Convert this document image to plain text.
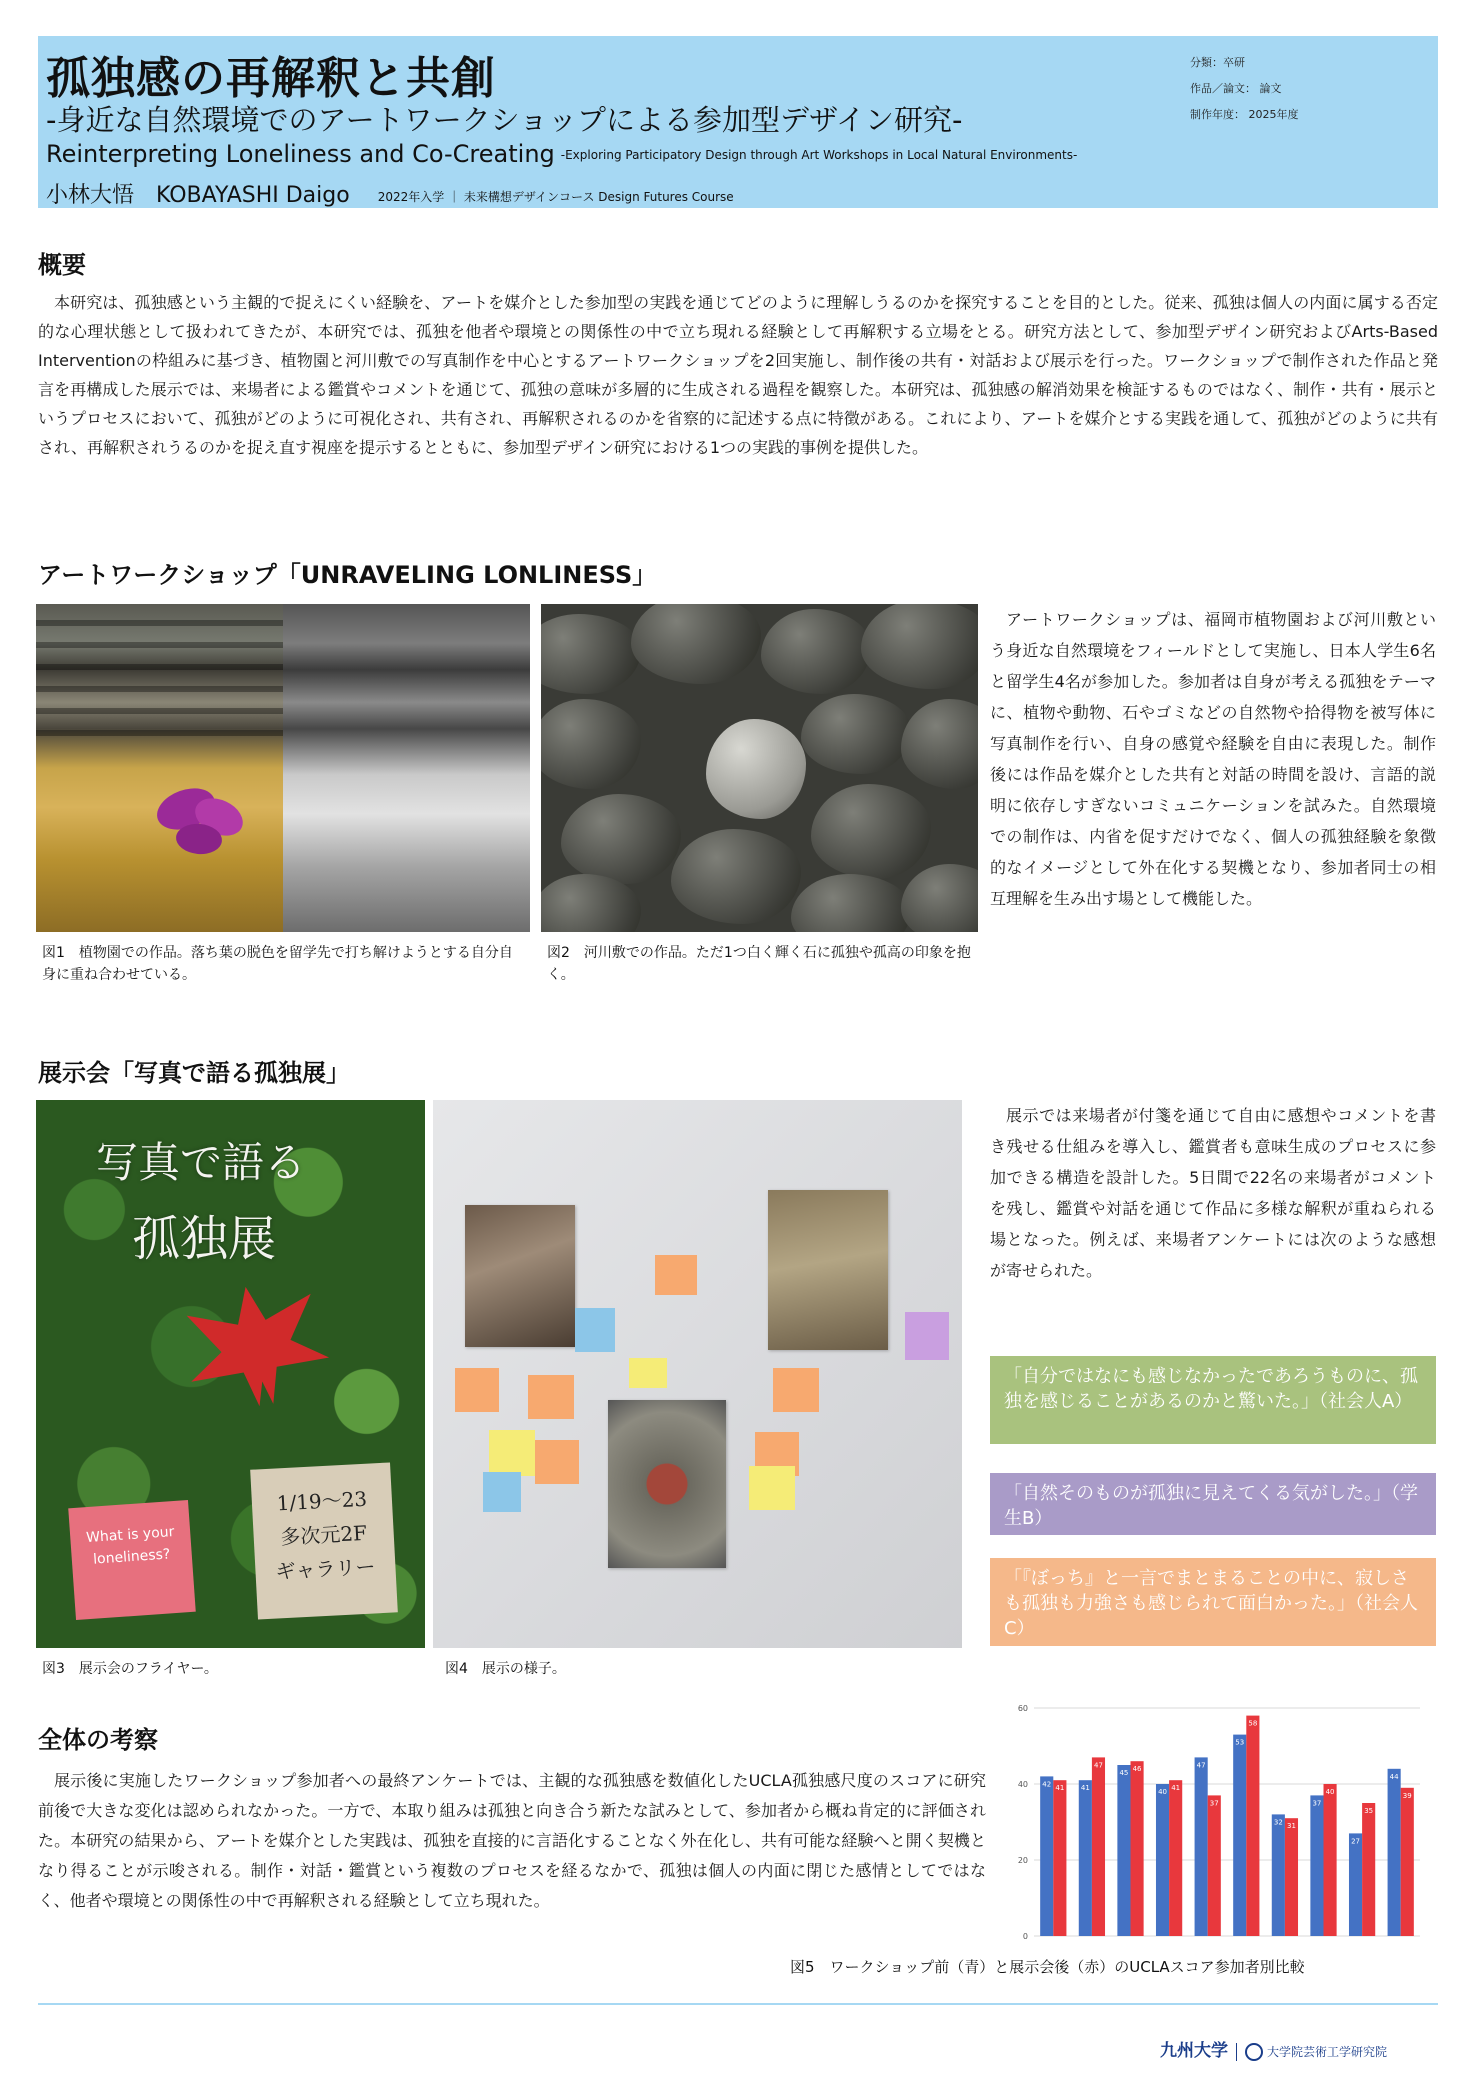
孤独感の再解釈と共創
-身近な自然環境でのアートワークショップによる参加型デザイン研究-
Reinterpreting Loneliness and Co-Creating -Exploring Participatory Design through Art Workshops in Local Natural Environments-
小林大悟　KOBAYASHI Daigo 2022年入学 ｜ 未来構想デザインコース Design Futures Course
分類：卒研
作品／論文： 論文
制作年度： 2025年度
概要
本研究は、孤独感という主観的で捉えにくい経験を、アートを媒介とした参加型の実践を通じてどのように理解しうるのかを探究することを目的とした。従来、孤独は個人の内面に属する否定的な心理状態として扱われてきたが、本研究では、孤独を他者や環境との関係性の中で立ち現れる経験として再解釈する立場をとる。研究方法として、参加型デザイン研究およびArts-Based Interventionの枠組みに基づき、植物園と河川敷での写真制作を中心とするアートワークショップを2回実施し、制作後の共有・対話および展示を行った。ワークショップで制作された作品と発言を再構成した展示では、来場者による鑑賞やコメントを通じて、孤独の意味が多層的に生成される過程を観察した。本研究は、孤独感の解消効果を検証するものではなく、制作・共有・展示というプロセスにおいて、孤独がどのように可視化され、共有され、再解釈されるのかを省察的に記述する点に特徴がある。これにより、アートを媒介とする実践を通して、孤独がどのように共有され、再解釈されうるのかを捉え直す視座を提示するとともに、参加型デザイン研究における1つの実践的事例を提供した。
アートワークショップ「UNRAVELING LONLINESS」
図1　植物園での作品。落ち葉の脱色を留学先で打ち解けようとする自分自身に重ね合わせている。
図2　河川敷での作品。ただ1つ白く輝く石に孤独や孤高の印象を抱く。
アートワークショップは、福岡市植物園および河川敷という身近な自然環境をフィールドとして実施し、日本人学生6名と留学生4名が参加した。参加者は自身が考える孤独をテーマに、植物や動物、石やゴミなどの自然物や拾得物を被写体に写真制作を行い、自身の感覚や経験を自由に表現した。制作後には作品を媒介とした共有と対話の時間を設け、言語的説明に依存しすぎないコミュニケーションを試みた。自然環境での制作は、内省を促すだけでなく、個人の孤独経験を象徴的なイメージとして外在化する契機となり、参加者同士の相互理解を生み出す場として機能した。
展示会「写真で語る孤独展」
写真で語る
孤独展
What is your loneliness?
1/19～23
多次元2F
ギャラリー
図3　展示会のフライヤー。	図4　展示の様子。
展示では来場者が付箋を通じて自由に感想やコメントを書き残せる仕組みを導入し、鑑賞者も意味生成のプロセスに参加できる構造を設計した。5日間で22名の来場者がコメントを残し、鑑賞や対話を通じて作品に多様な解釈が重ねられる場となった。例えば、来場者アンケートには次のような感想が寄せられた。
「自分ではなにも感じなかったであろうものに、孤独を感じることがあるのかと驚いた。」（社会人A）
「自然そのものが孤独に見えてくる気がした。」（学生B）
「『ぼっち』と一言でまとまることの中に、寂しさも孤独も力強さも感じられて面白かった。」（社会人C）
全体の考察
展示後に実施したワークショップ参加者への最終アンケートでは、主観的な孤独感を数値化したUCLA孤独感尺度のスコアに研究前後で大きな変化は認められなかった。一方で、本取り組みは孤独と向き合う新たな試みとして、参加者から概ね肯定的に評価された。本研究の結果から、アートを媒介とした実践は、孤独を直接的に言語化することなく外在化し、共有可能な経験へと開く契機となり得ることが示唆される。制作・対話・鑑賞という複数のプロセスを経るなかで、孤独は個人の内面に閉じた感情としてではなく、他者や環境との関係性の中で再解釈される経験として立ち現れた。
0
20
40
60
42	41
45
40
47
53
32
37
27
44
41
47	46
41
37
58
31
40
35
39
図5　ワークショップ前（青）と展示会後（赤）のUCLAスコア参加者別比較
九州大学	大学院芸術工学研究院
